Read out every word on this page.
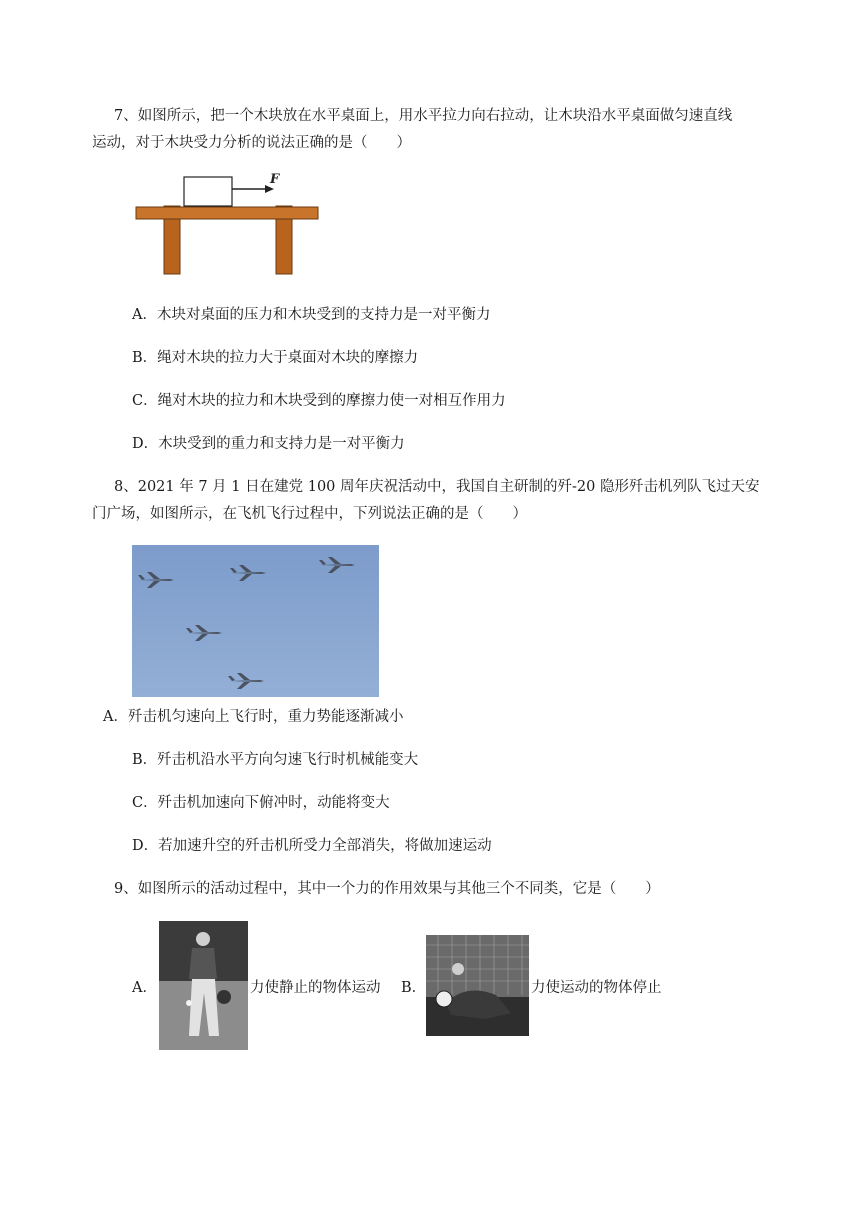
7、如图所示，把一个木块放在水平桌面上，用水平拉力向右拉动，让木块沿水平桌面做匀速直线
运动，对于木块受力分析的说法正确的是（　　）
F
A．木块对桌面的压力和木块受到的支持力是一对平衡力
B．绳对木块的拉力大于桌面对木块的摩擦力
C．绳对木块的拉力和木块受到的摩擦力使一对相互作用力
D．木块受到的重力和支持力是一对平衡力
8、2021 年 7 月 1 日在建党 100 周年庆祝活动中，我国自主研制的歼-20 隐形歼击机列队飞过天安
门广场，如图所示，在飞机飞行过程中，下列说法正确的是（　　）
A．歼击机匀速向上飞行时，重力势能逐渐减小
B．歼击机沿水平方向匀速飞行时机械能变大
C．歼击机加速向下俯冲时，动能将变大
D．若加速升空的歼击机所受力全部消失，将做加速运动
9、如图所示的活动过程中，其中一个力的作用效果与其他三个不同类，它是（　　）
A．	力使静止的物体运动 B．	力使运动的物体停止
